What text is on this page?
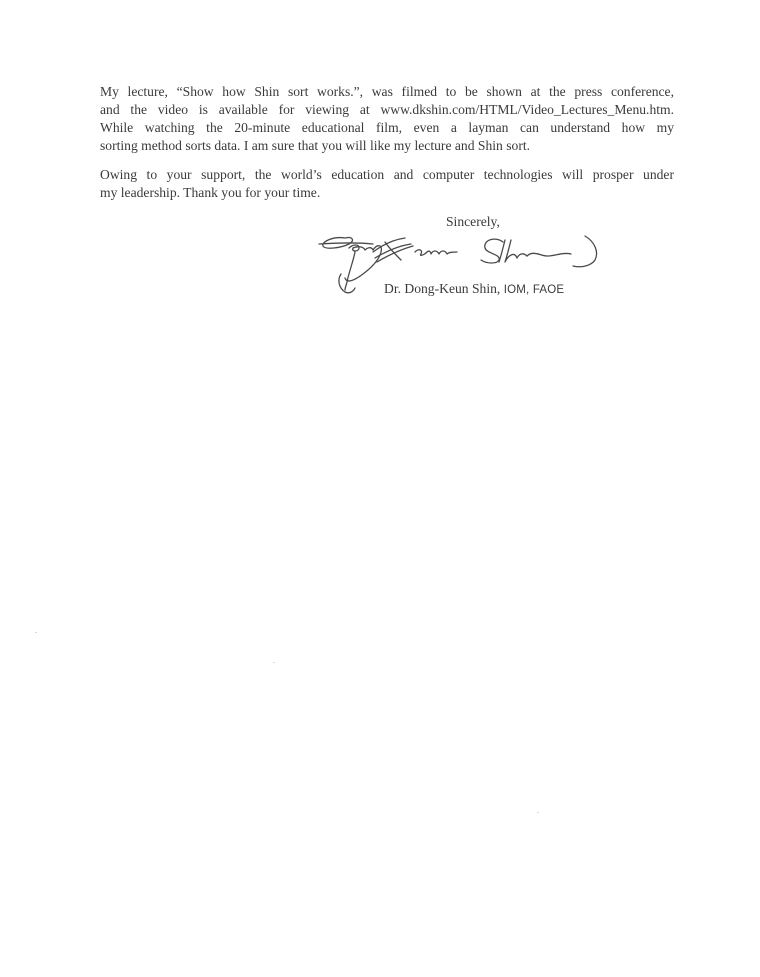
My lecture, “Show how Shin sort works.”, was filmed to be shown at the press conference,
and the video is available for viewing at www.dkshin.com/HTML/Video_Lectures_Menu.htm.
While watching the 20-minute educational film, even a layman can understand how my
sorting method sorts data. I am sure that you will like my lecture and Shin sort.

Owing to your support, the world’s education and computer technologies will prosper under
my leadership. Thank you for your time.

Sincerely,
Dr. Dong-Keun Shin, IOM, FAOE
